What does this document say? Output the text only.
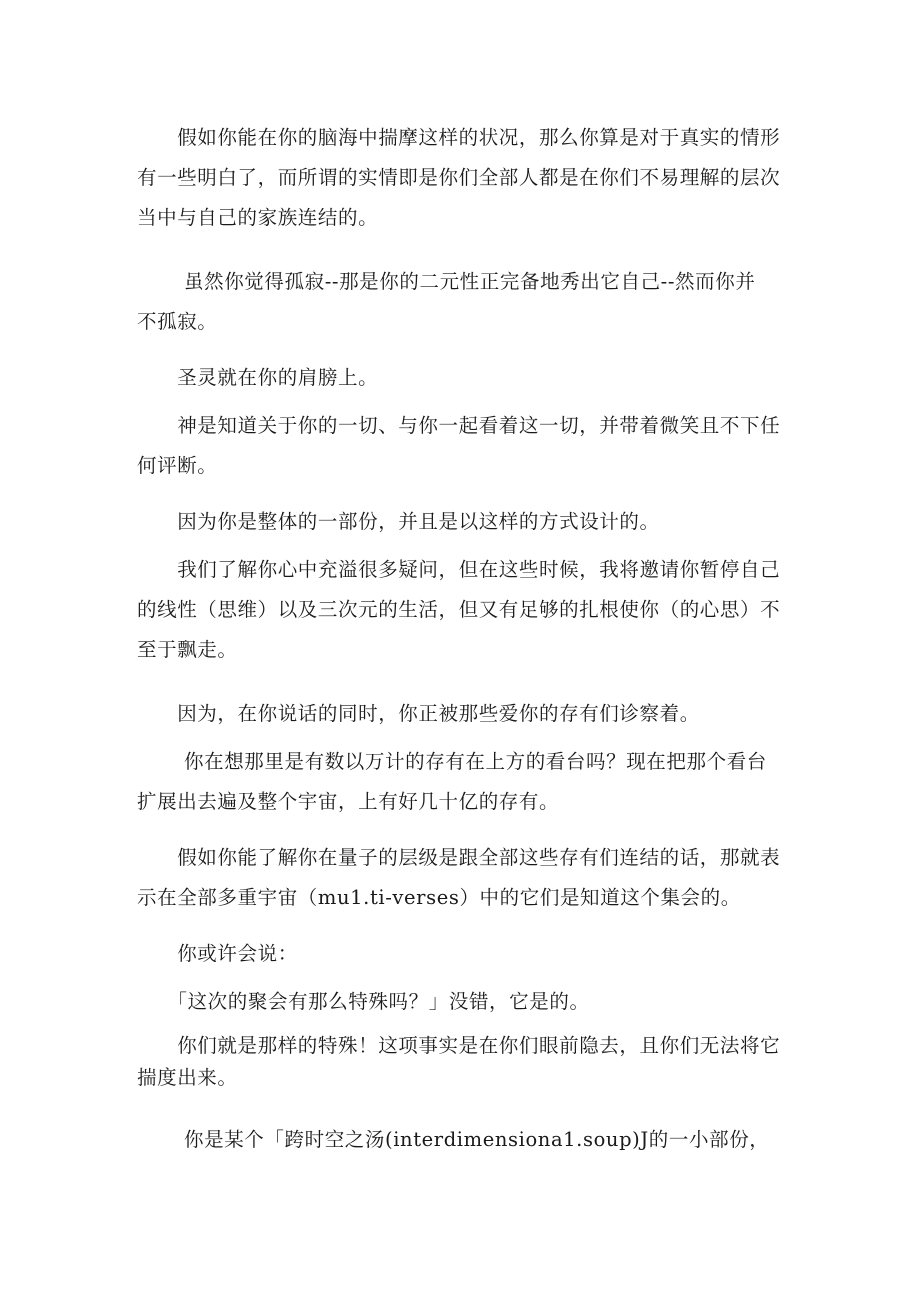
　　假如你能在你的脑海中揣摩这样的状况，那么你算是对于真实的情形
有一些明白了，而所谓的实情即是你们全部人都是在你们不易理解的层次
当中与自己的家族连结的。
　　 虽然你觉得孤寂--那是你的二元性正完备地秀出它自己--然而你并
不孤寂。
　　圣灵就在你的肩膀上。
　　神是知道关于你的一切、与你一起看着这一切，并带着微笑且不下任
何评断。
　　因为你是整体的一部份，并且是以这样的方式设计的。
　　我们了解你心中充溢很多疑问，但在这些时候，我将邀请你暂停自己
的线性（思维）以及三次元的生活，但又有足够的扎根使你（的心思）不
至于飘走。
　　因为，在你说话的同时，你正被那些爱你的存有们诊察着。
　　 你在想那里是有数以万计的存有在上方的看台吗？现在把那个看台
扩展出去遍及整个宇宙，上有好几十亿的存有。
　　假如你能了解你在量子的层级是跟全部这些存有们连结的话，那就表
示在全部多重宇宙（mu1.ti-verses）中的它们是知道这个集会的。
　　你或许会说：
　　「这次的聚会有那么特殊吗？」没错，它是的。
　　你们就是那样的特殊！这项事实是在你们眼前隐去，且你们无法将它
揣度出来。
　　 你是某个「跨时空之汤(interdimensiona1.soup)J的一小部份，
